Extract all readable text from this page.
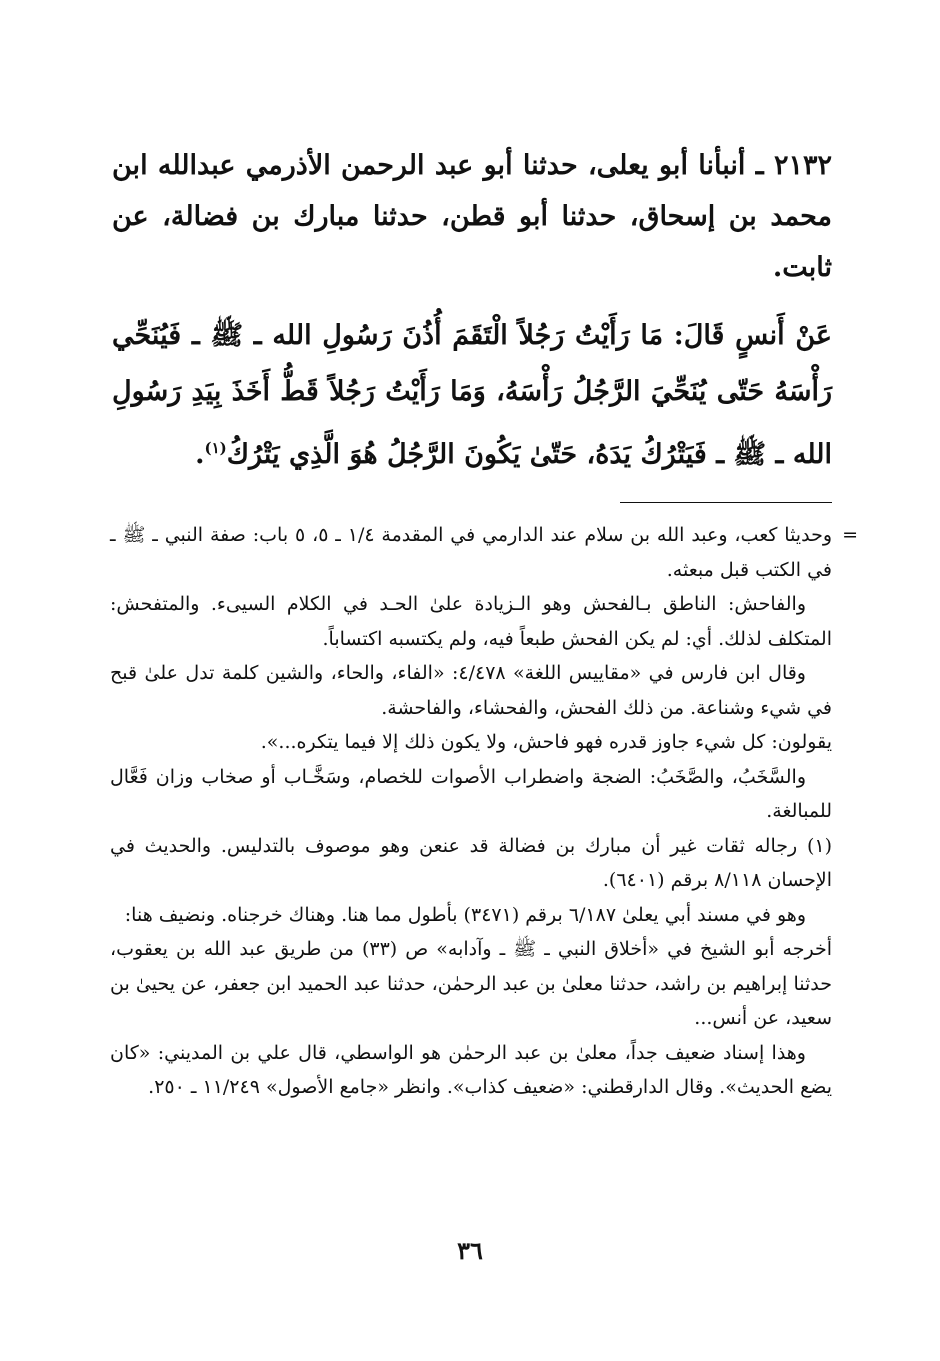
٢١٣٢ ـ أنبأنا أبو يعلى، حدثنا أبو عبد الرحمن الأذرمي عبدالله ابن محمد بن إسحاق، حدثنا أبو قطن، حدثنا مبارك بن فضالة، عن ثابت.

عَنْ أَنسٍ قَالَ: مَا رَأَيْتُ رَجُلاً الْتَقَمَ أُذُنَ رَسُولِ الله ـ ﷺ ـ فَيُنَحِّي رَأْسَهُ حَتّى يُنَحِّيَ الرَّجُلُ رَأْسَهُ، وَمَا رَأَيْتُ رَجُلاً قَطُّ أَخَذَ بِيَدِ رَسُولِ الله ـ ﷺ ـ فَيَتْرُكُ يَدَهُ، حَتّىٰ يَكُونَ الرَّجُلُ هُوَ الَّذِي يَتْرُكُ$^{(١)}$.

=
وحديثا كعب، وعبد الله بن سلام عند الدارمي في المقدمة ١/٤ ـ ٥، ٥ باب: صفة النبي ـ ﷺ ـ في الكتب قبل مبعثه.

والفاحش: الناطق بـالفحش وهو الـزيادة علىٰ الحـد في الكلام السيىء. والمتفحش: المتكلف لذلك. أي: لم يكن الفحش طبعاً فيه، ولم يكتسبه اكتساباً.

وقال ابن فارس في «مقاييس اللغة» ٤/٤٧٨: «الفاء، والحاء، والشين كلمة تدل علىٰ قبح في شيء وشناعة. من ذلك الفحش، والفحشاء، والفاحشة.

يقولون: كل شيء جاوز قدره فهو فاحش، ولا يكون ذلك إلا فيما يتكره...».

والسَّخَبُ، والصَّخَبُ: الضجة واضطراب الأصوات للخصام، وسَخَّـاب أو صخاب وزان فَعَّال للمبالغة.

(١) رجاله ثقات غير أن مبارك بن فضالة قد عنعن وهو موصوف بالتدليس. والحديث في الإحسان ٨/١١٨ برقم (٦٤٠١).

وهو في مسند أبي يعلىٰ ٦/١٨٧ برقم (٣٤٧١) بأطول مما هنا. وهناك خرجناه. ونضيف هنا:

أخرجه أبو الشيخ في «أخلاق النبي ـ ﷺ ـ وآدابه» ص (٣٣) من طريق عبد الله بن يعقوب، حدثنا إبراهيم بن راشد، حدثنا معلىٰ بن عبد الرحمٰن، حدثنا عبد الحميد ابن جعفر، عن يحيىٰ بن سعيد، عن أنس...

وهذا إسناد ضعيف جداً، معلىٰ بن عبد الرحمٰن هو الواسطي، قال علي بن المديني: «كان يضع الحديث». وقال الدارقطني: «ضعيف كذاب». وانظر «جامع الأصول» ١١/٢٤٩ ـ ٢٥٠.

٣٦
